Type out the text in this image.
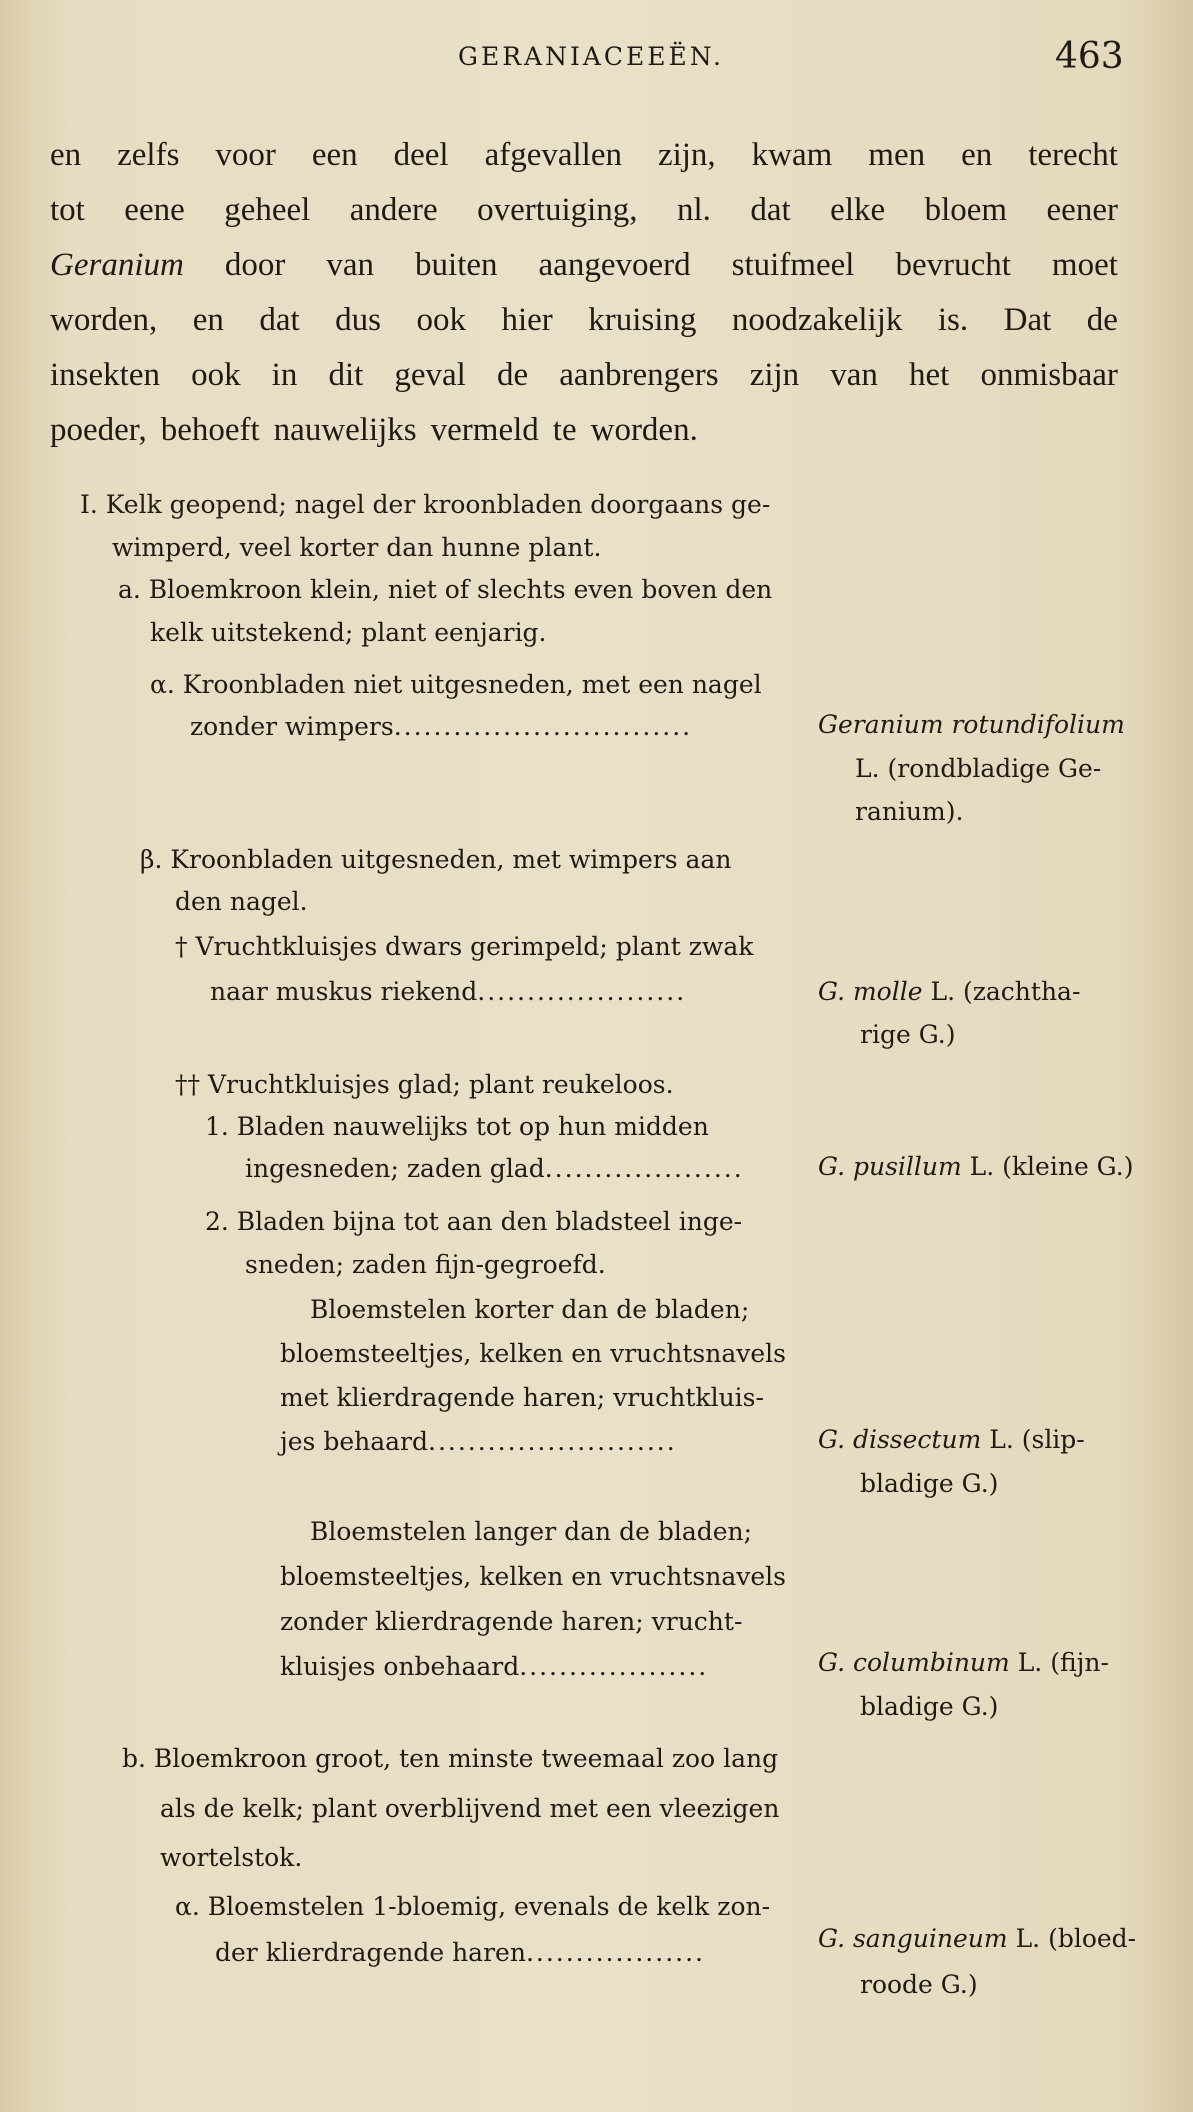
GERANIACEEËN.	463
en zelfs voor een deel afgevallen zijn, kwam men en terecht
tot eene geheel andere overtuiging, nl. dat elke bloem eener
Geranium door van buiten aangevoerd stuifmeel bevrucht moet
worden, en dat dus ook hier kruising noodzakelijk is. Dat de
insekten ook in dit geval de aanbrengers zijn van het onmisbaar
poeder, behoeft nauwelijks vermeld te worden.
I. Kelk geopend; nagel der kroonbladen doorgaans ge-
wimperd, veel korter dan hunne plant.
a. Bloemkroon klein, niet of slechts even boven den
kelk uitstekend; plant eenjarig.
α. Kroonbladen niet uitgesneden, met een nagel
zonder wimpers..............................	Geranium rotundifolium
L. (rondbladige Ge-
ranium).
β. Kroonbladen uitgesneden, met wimpers aan
den nagel.
† Vruchtkluisjes dwars gerimpeld; plant zwak
naar muskus riekend.....................	G. molle L. (zachtha-
rige G.)
†† Vruchtkluisjes glad; plant reukeloos.
1. Bladen nauwelijks tot op hun midden
ingesneden; zaden glad....................	G. pusillum L. (kleine G.)
2. Bladen bijna tot aan den bladsteel inge-
sneden; zaden fijn-gegroefd.
Bloemstelen korter dan de bladen;
bloemsteeltjes, kelken en vruchtsnavels
met klierdragende haren; vruchtkluis-
jes behaard.........................	G. dissectum L. (slip-
bladige G.)
Bloemstelen langer dan de bladen;
bloemsteeltjes, kelken en vruchtsnavels
zonder klierdragende haren; vrucht-
kluisjes onbehaard...................	G. columbinum L. (fijn-
bladige G.)
b. Bloemkroon groot, ten minste tweemaal zoo lang
als de kelk; plant overblijvend met een vleezigen
wortelstok.
α. Bloemstelen 1-bloemig, evenals de kelk zon-
der klierdragende haren..................	G. sanguineum L. (bloed-
roode G.)
